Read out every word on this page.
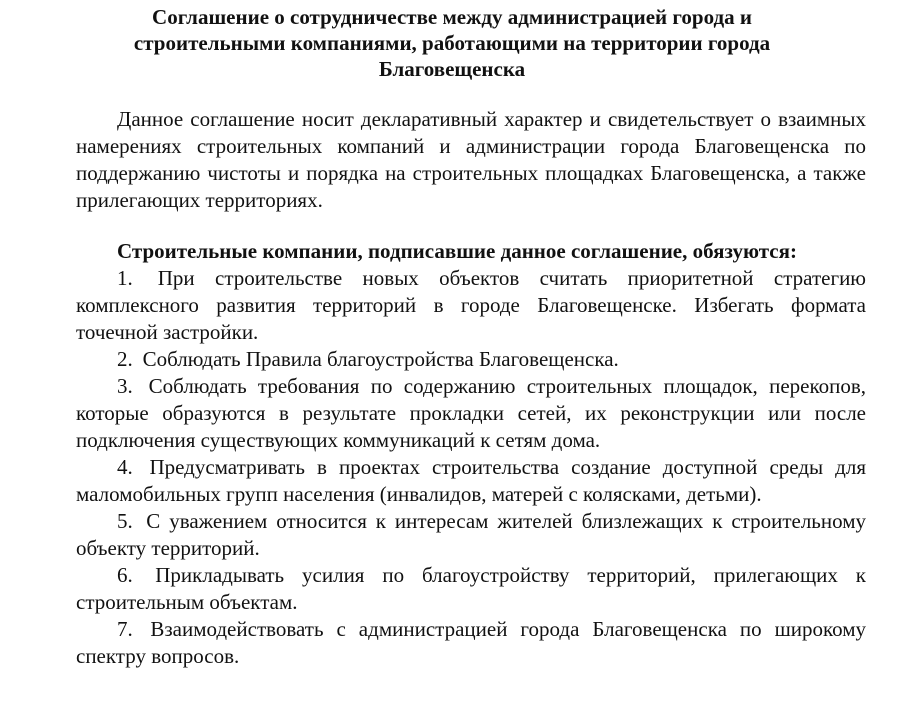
Соглашение о сотрудничестве между администрацией города и
строительными компаниями, работающими на территории города
Благовещенска

Данное соглашение носит декларативный характер и свидетельствует о взаимных намерениях строительных компаний и администрации города Благовещенска по поддержанию чистоты и порядка на строительных площадках Благовещенска, а также прилегающих территориях.

Строительные компании, подписавшие данное соглашение, обязуются:

1. При строительстве новых объектов считать приоритетной стратегию комплексного развития территорий в городе Благовещенске. Избегать формата точечной застройки.
2. Соблюдать Правила благоустройства Благовещенска.
3. Соблюдать требования по содержанию строительных площадок, перекопов, которые образуются в результате прокладки сетей, их реконструкции или после подключения существующих коммуникаций к сетям дома.
4. Предусматривать в проектах строительства создание доступной среды для маломобильных групп населения (инвалидов, матерей с колясками, детьми).
5. С уважением относится к интересам жителей близлежащих к строительному объекту территорий.
6. Прикладывать усилия по благоустройству территорий, прилегающих к строительным объектам.
7. Взаимодействовать с администрацией города Благовещенска по широкому спектру вопросов.
